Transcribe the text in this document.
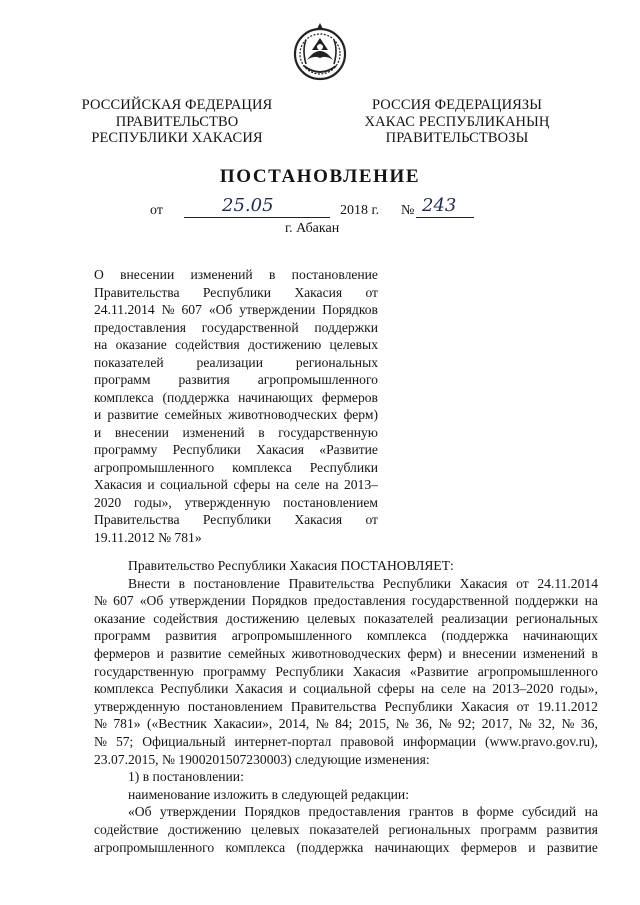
РОССИЙСКАЯ ФЕДЕРАЦИЯ
ПРАВИТЕЛЬСТВО
РЕСПУБЛИКИ ХАКАСИЯ
РОССИЯ ФЕДЕРАЦИЯЗЫ
ХАКАС РЕСПУБЛИКАНЫҢ
ПРАВИТЕЛЬСТВОЗЫ
ПОСТАНОВЛЕНИЕ
от	25.05	2018 г. № 243
г. Абакан
О внесении изменений в постановление
Правительства Республики Хакасия от
24.11.2014 № 607 «Об утверждении Порядков
предоставления государственной поддержки
на оказание содействия достижению целевых
показателей реализации региональных
программ развития агропромышленного
комплекса (поддержка начинающих фермеров
и развитие семейных животноводческих ферм)
и внесении изменений в государственную
программу Республики Хакасия «Развитие
агропромышленного комплекса Республики
Хакасия и социальной сферы на селе на 2013–
2020 годы», утвержденную постановлением
Правительства Республики Хакасия от
19.11.2012 № 781»
Правительство Республики Хакасия ПОСТАНОВЛЯЕТ:
Внести в постановление Правительства Республики Хакасия от 24.11.2014
№ 607 «Об утверждении Порядков предоставления государственной поддержки на
оказание содействия достижению целевых показателей реализации региональных
программ развития агропромышленного комплекса (поддержка начинающих
фермеров и развитие семейных животноводческих ферм) и внесении изменений в
государственную программу Республики Хакасия «Развитие агропромышленного
комплекса Республики Хакасия и социальной сферы на селе на 2013–2020 годы»,
утвержденную постановлением Правительства Республики Хакасия от 19.11.2012
№ 781» («Вестник Хакасии», 2014, № 84; 2015, № 36, № 92; 2017, № 32, № 36,
№ 57; Официальный интернет-портал правовой информации (www.pravo.gov.ru),
23.07.2015, № 1900201507230003) следующие изменения:
1) в постановлении:
наименование изложить в следующей редакции:
«Об утверждении Порядков предоставления грантов в форме субсидий на
содействие достижению целевых показателей региональных программ развития
агропромышленного комплекса (поддержка начинающих фермеров и развитие
